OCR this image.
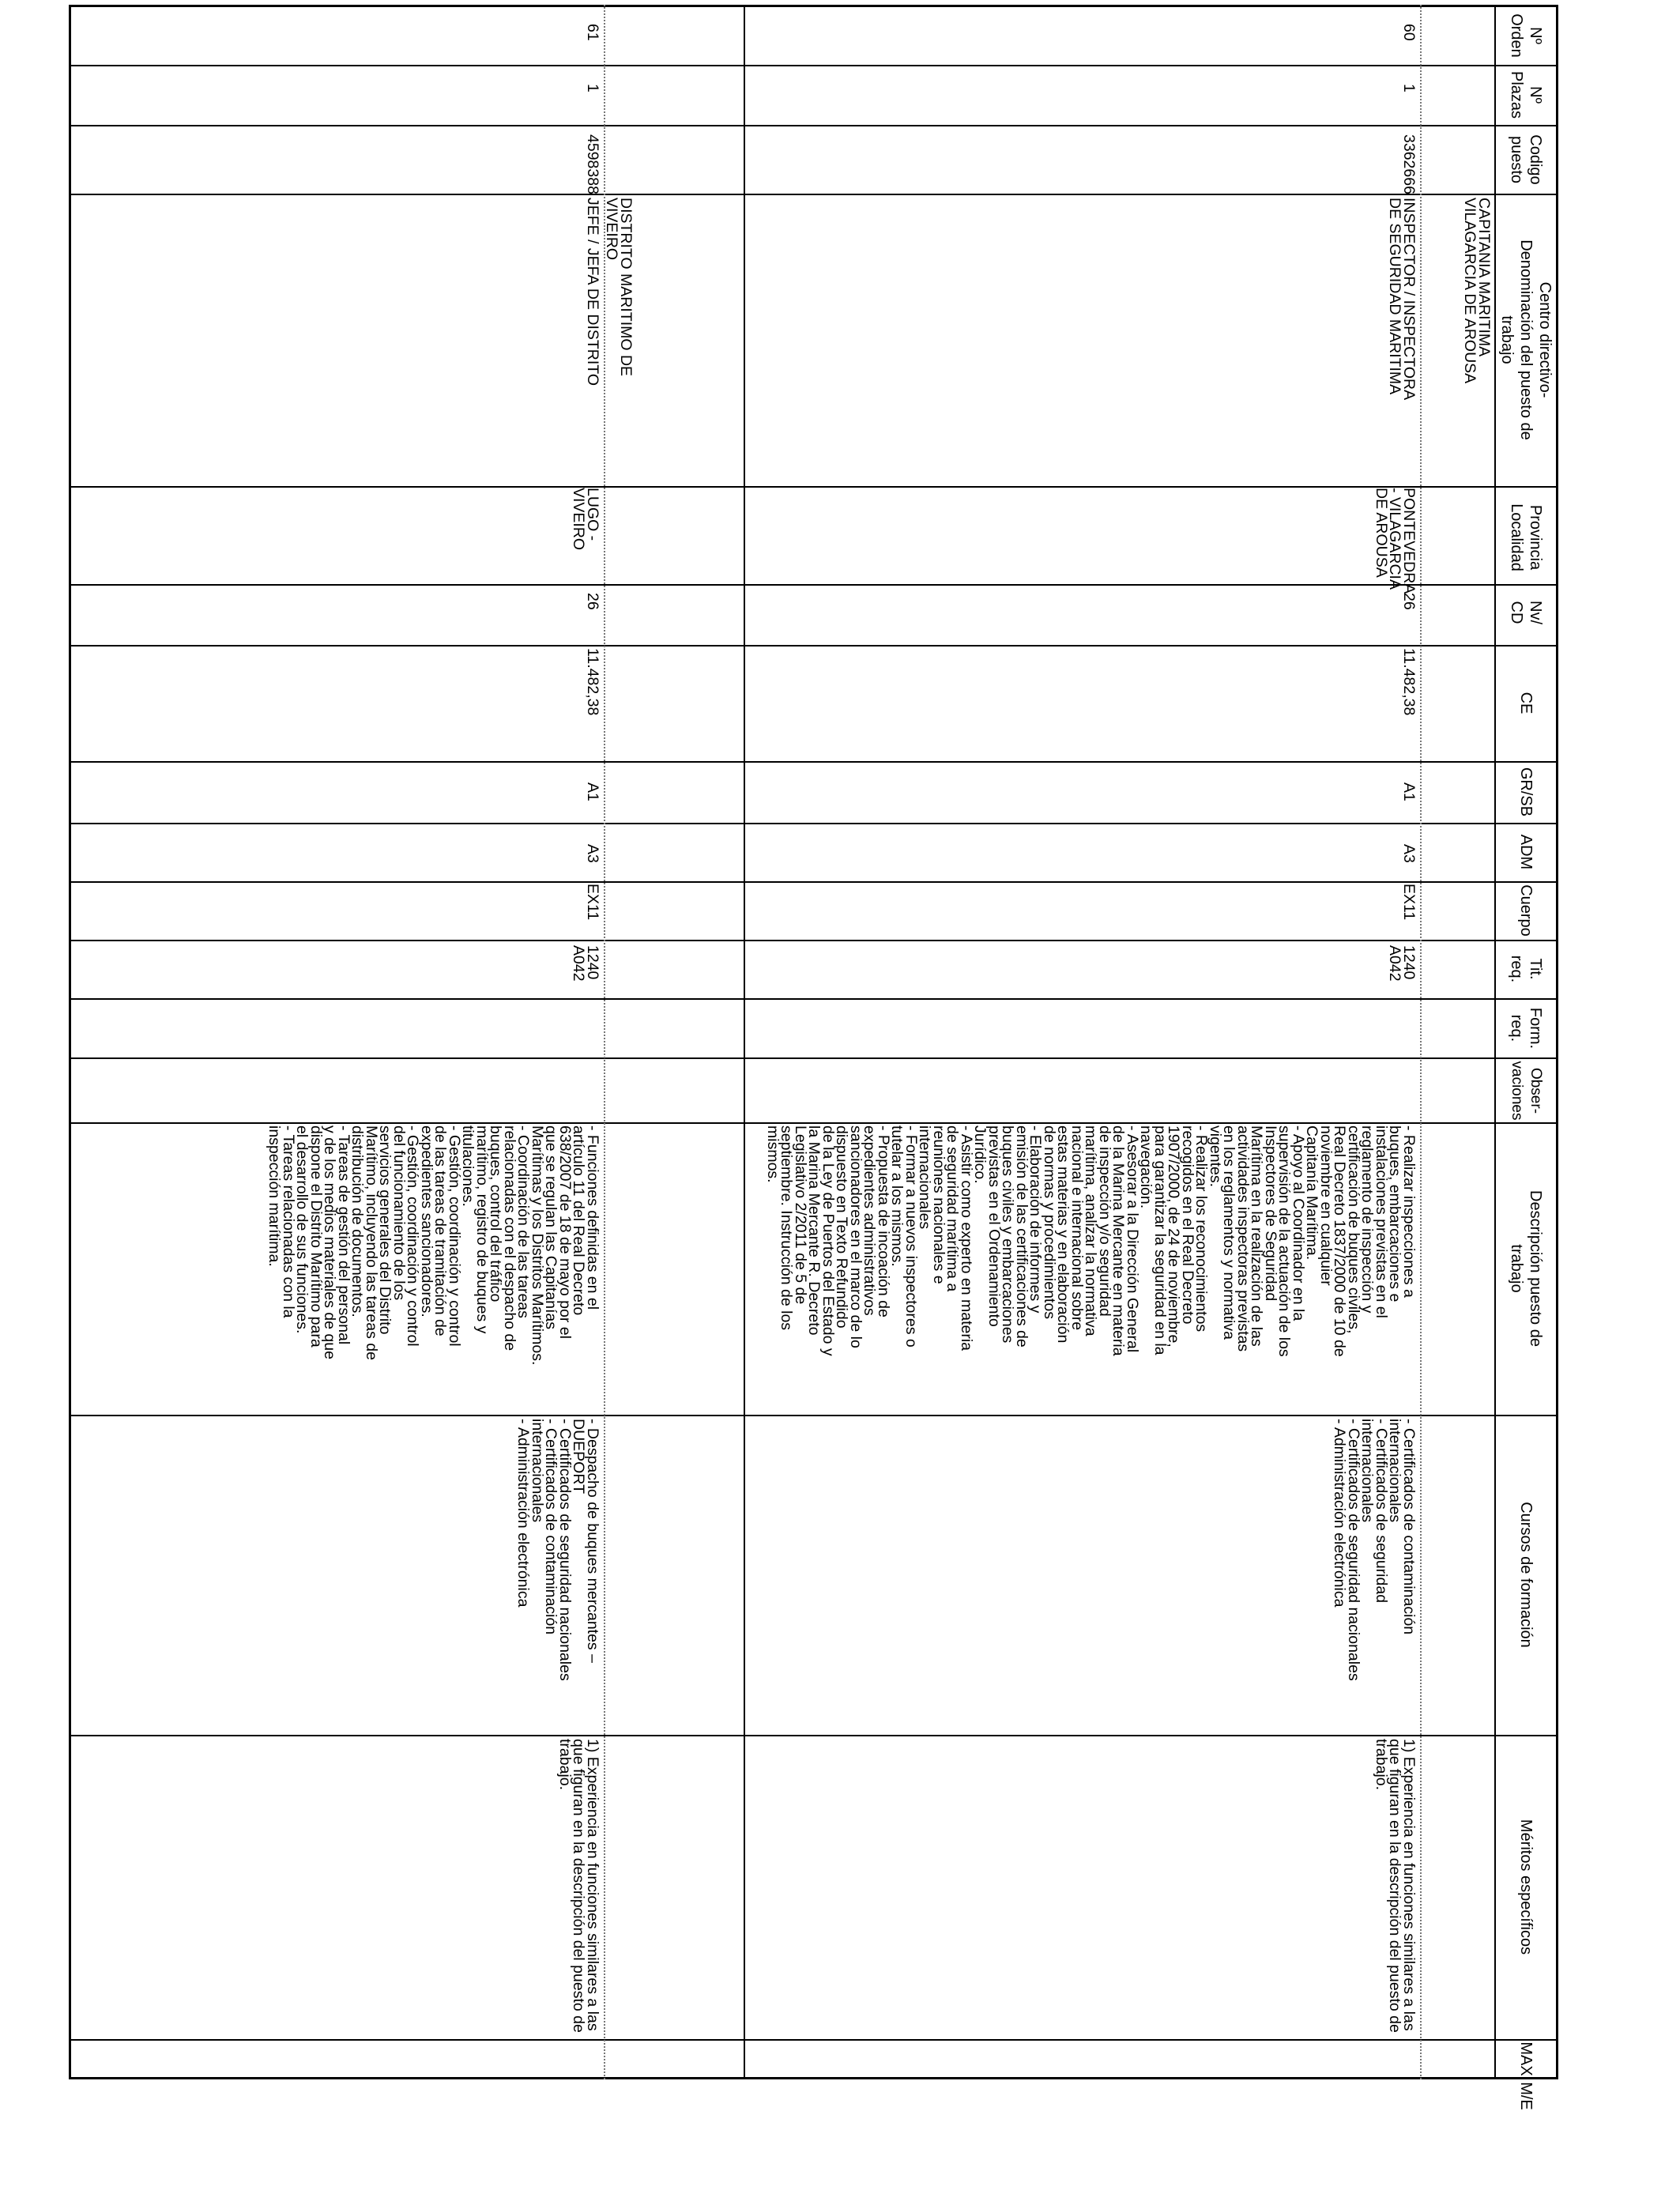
Nº Orden
Nº Plazas
Codigo puesto
Centro directivo-Denominación del puesto de trabajo
Provincia Localidad
Nv/ CD
CE
GR/SB
ADM
Cuerpo
Tit. req.
Form. req.
Obser-vaciones
Descripción puesto de trabajo
Cursos de formación
Méritos específicos
MAX
M/E
CAPITANIA MARITIMA
VILAGARCIA DE AROUSA
60
1
3362666
INSPECTOR / INSPECTORA
DE SEGURIDAD MARITIMA
PONTEVEDRA
- VILAGARCIA
DE AROUSA
26
11.482,38
A1
A3
EX11
1240
A042
- Realizar inspecciones a
buques, embarcaciones e
instalaciones previstas en el
reglamento de inspección y
certificación de buques civiles,
Real Decreto 1837/2000 de 10 de
noviembre en cualquier
Capitanía Marítima.
- Apoyo al Coordinador en la
supervisión de la actuación de los
Inspectores de Seguridad
Marítima en la realización de las
actividades inspectoras previstas
en los reglamentos y normativa
vigentes.
- Realizar los reconocimientos
recogidos en el Real Decreto
1907/2000, de 24 de noviembre,
para garantizar la seguridad en la
navegación.
- Asesorar a la Dirección General
de la Marina Mercante en materia
de inspección y/o seguridad
marítima, analizar la normativa
nacional e internacional sobre
estas materias y en elaboración
de normas y procedimientos
- Elaboración de informes y
emisión de las certificaciones de
buques civiles y embarcaciones
previstas en el Ordenamiento
Jurídico.
- Asistir como experto en materia
de seguridad marítima a
reuniones nacionales e
internacionales
- Formar a nuevos inspectores o
tutelar a los mismos.
- Propuesta de incoación de
expedientes administrativos
sancionadores en el marco de lo
dispuesto en Texto Refundido
de la Ley de Puertos del Estado y
la Marina Mercante R. Decreto
Legislativo 2/2011 de 5 de
septiembre. Instrucción de los
mismos.
- Certificados de contaminación
internacionales
- Certificados de seguridad
internacionales
- Certificados de seguridad nacionales
- Administración electrónica
1) Experiencia en funciones similares a las
que figuran en la descripción del puesto de
trabajo.
DISTRITO MARITIMO DE
VIVEIRO
61
1
4598388
JEFE / JEFA DE DISTRITO
LUGO -
VIVEIRO
26
11.482,38
A1
A3
EX11
1240
A042
- Funciones definidas en el
artículo 11 del Real Decreto
638/2007 de 18 de mayo por el
que se regulan las Capitanías
Marítimas y los Distritos Marítimos.
- Coordinación de las tareas
relacionadas con el despacho de
buques, control del tráfico
marítimo, registro de buques y
titulaciones.
- Gestión, coordinación y control
de las tareas de tramitación de
expedientes sancionadores.
- Gestión, coordinación y control
del funcionamiento de los
servicios generales del Distrito
Marítimo, incluyendo las tareas de
distribución de documentos.
- Tareas de gestión del personal
y de los medios materiales de que
dispone el Distrito Marítimo para
el desarrollo de sus funciones.
- Tareas relacionadas con la
inspección marítima.
- Despacho de buques mercantes –
DUEPORT
- Certificados de seguridad nacionales
- Certificados de contaminación
internacionales
- Administración electrónica
1) Experiencia en funciones similares a las
que figuran en la descripción del puesto de
trabajo.
